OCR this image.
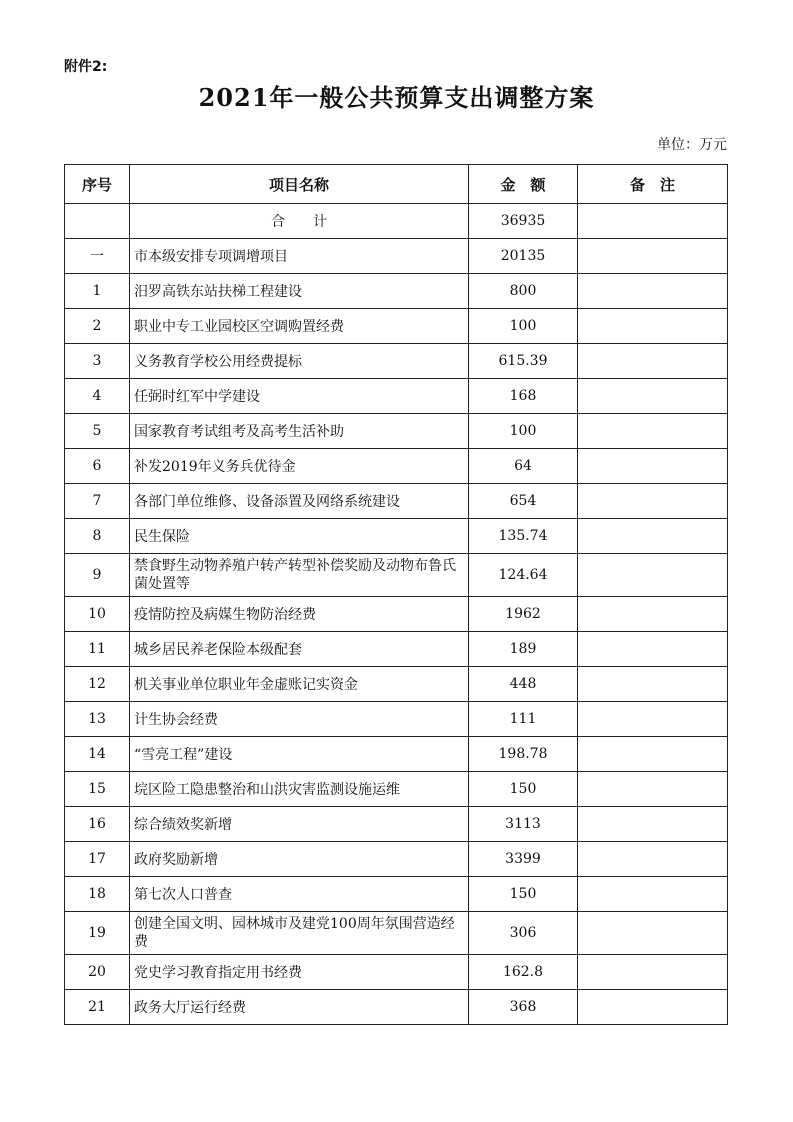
附件2:
2021年一般公共预算支出调整方案
单位：万元
序号	项目名称	金　额	备　注
	合　　计	36935	
一	市本级安排专项调增项目	20135	
1	汨罗高铁东站扶梯工程建设	800	
2	职业中专工业园校区空调购置经费	100	
3	义务教育学校公用经费提标	615.39	
4	任弼时红军中学建设	168	
5	国家教育考试组考及高考生活补助	100	
6	补发2019年义务兵优待金	64	
7	各部门单位维修、设备添置及网络系统建设	654	
8	民生保险	135.74	
9	禁食野生动物养殖户转产转型补偿奖励及动物布鲁氏菌处置等	124.64	
10	疫情防控及病媒生物防治经费	1962	
11	城乡居民养老保险本级配套	189	
12	机关事业单位职业年金虚账记实资金	448	
13	计生协会经费	111	
14	“雪亮工程”建设	198.78	
15	垸区险工隐患整治和山洪灾害监测设施运维	150	
16	综合绩效奖新增	3113	
17	政府奖励新增	3399	
18	第七次人口普查	150	
19	创建全国文明、园林城市及建党100周年氛围营造经费	306	
20	党史学习教育指定用书经费	162.8	
21	政务大厅运行经费	368	
